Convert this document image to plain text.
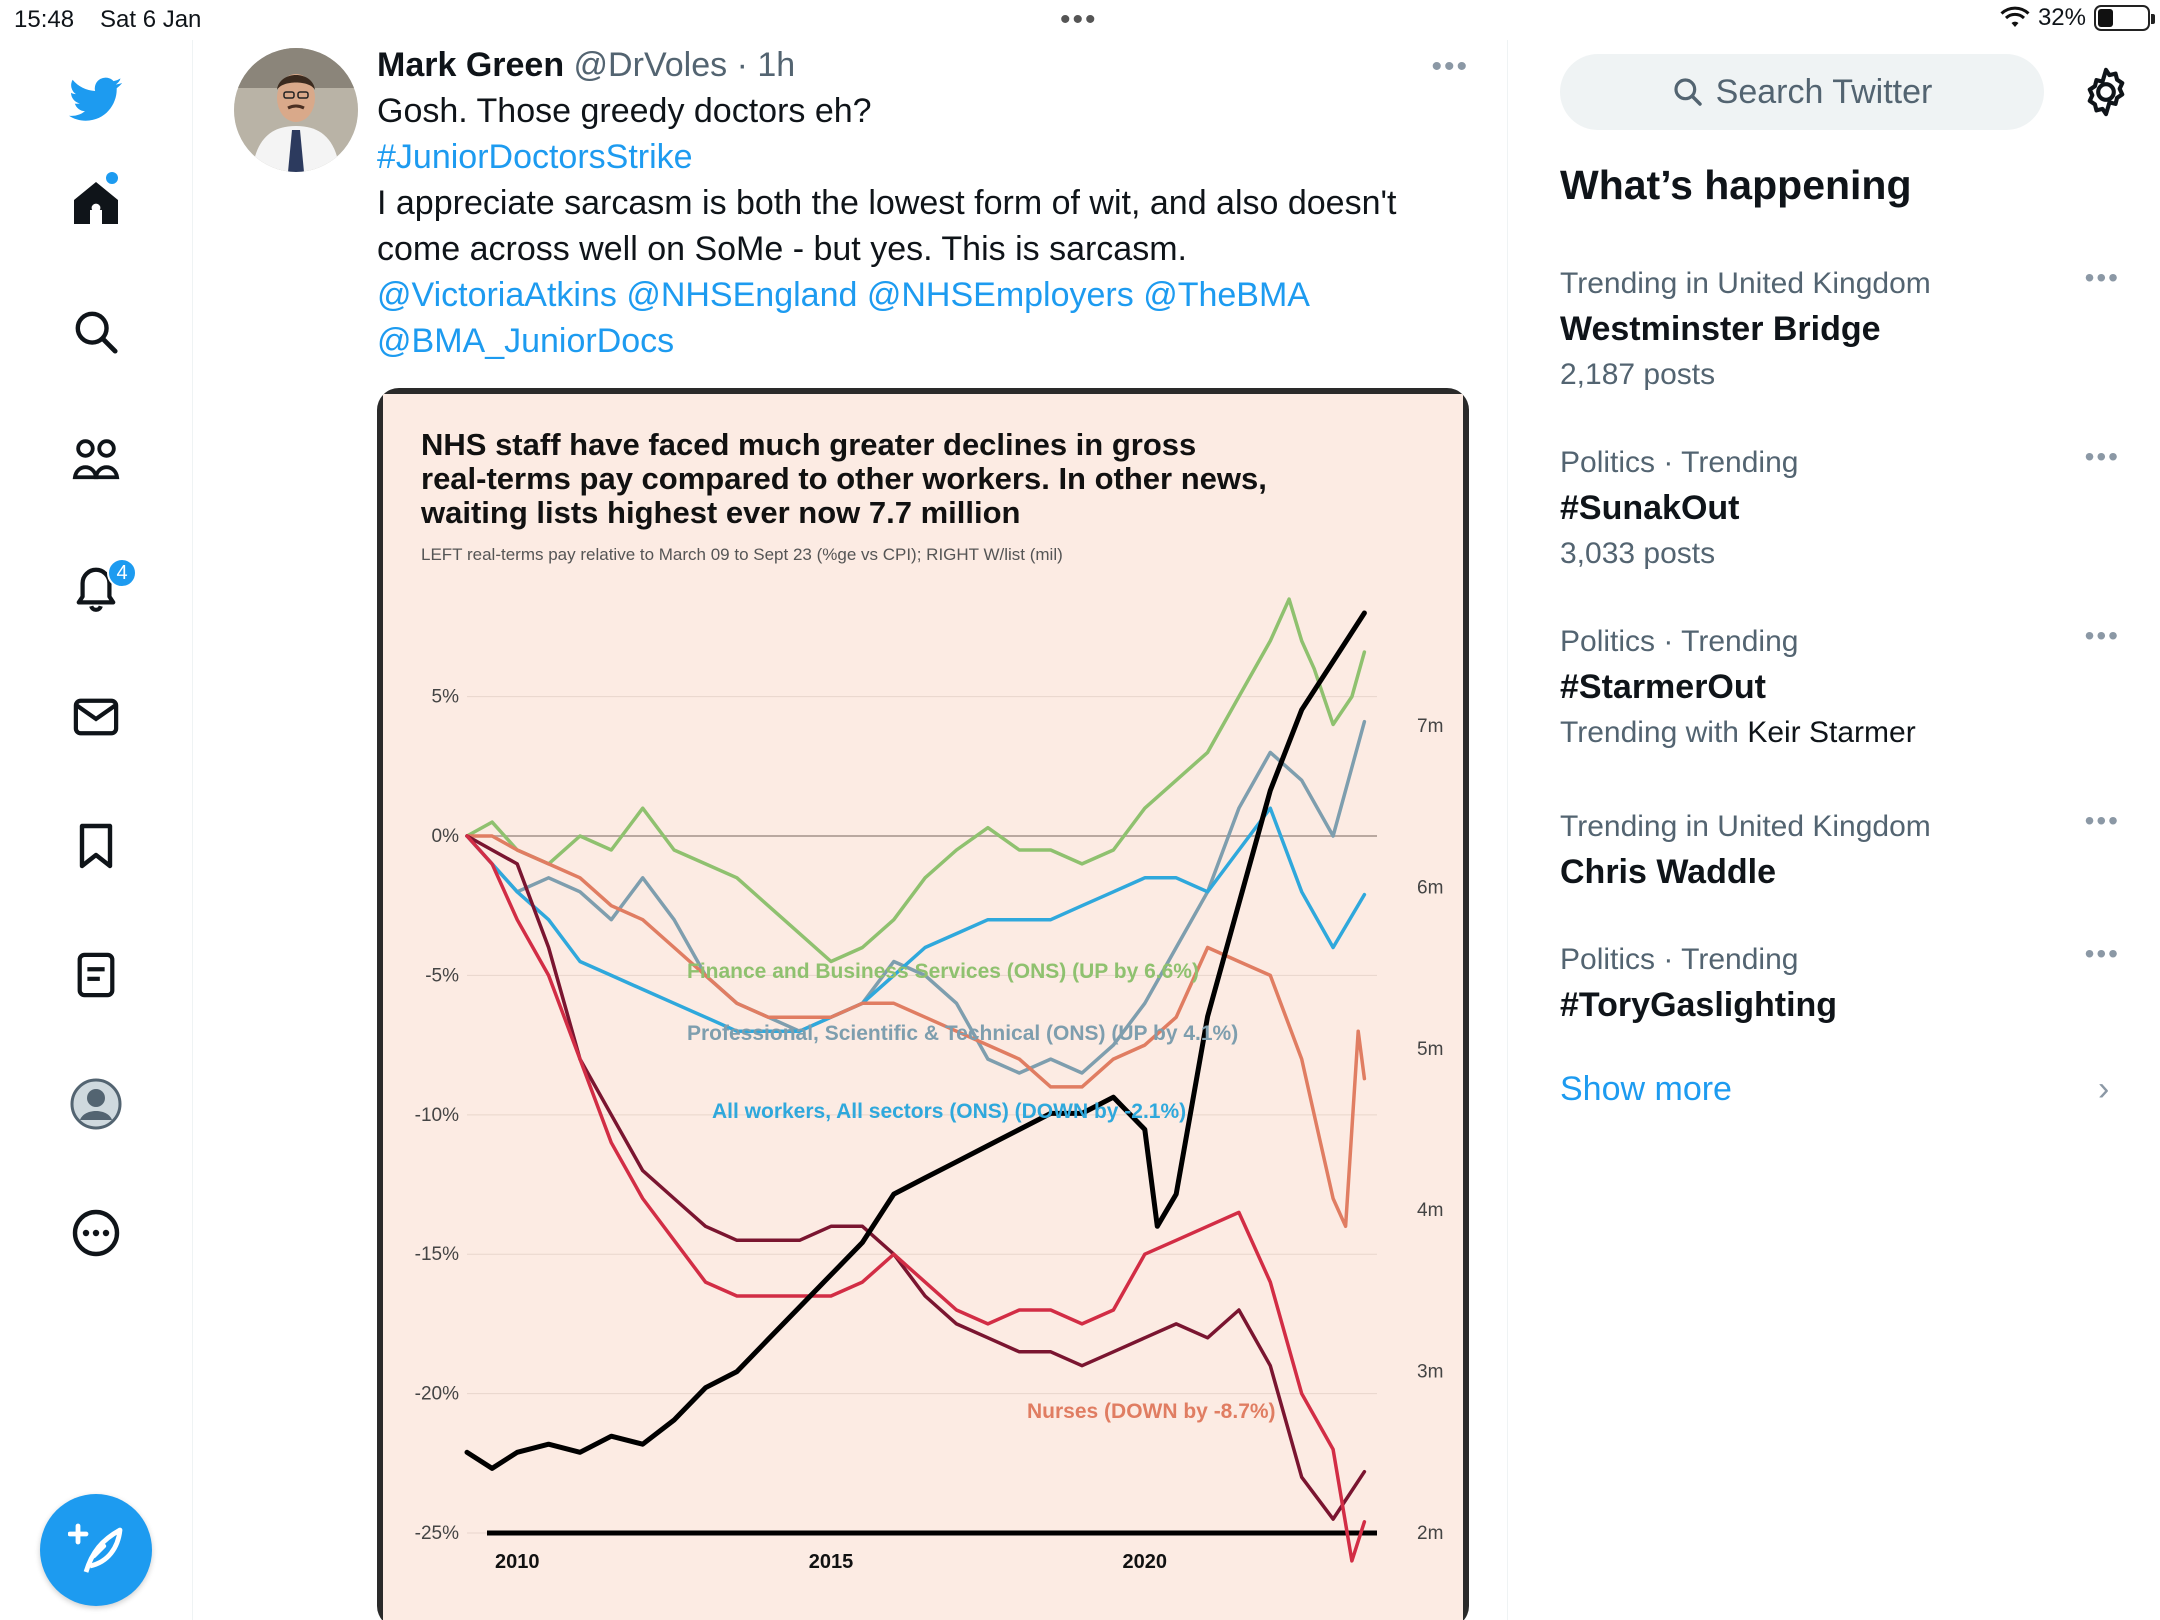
15:48 Sat 6 Jan	•••	32%
4
Mark Green @DrVoles · 1h	•••
Gosh. Those greedy doctors eh?
#JuniorDoctorsStrike
I appreciate sarcasm is both the lowest form of wit, and also doesn't
come across well on SoMe - but yes. This is sarcasm.
@VictoriaAtkins @NHSEngland @NHSEmployers @TheBMA
@BMA_JuniorDocs
NHS staff have faced much greater declines in gross
real-terms pay compared to other workers. In other news,
waiting lists highest ever now 7.7 million
LEFT real-terms pay relative to March 09 to Sept 23 (%ge vs CPI); RIGHT W/list (mil)
5%
0%
-5%
-10%
-15%
-20%
-25%
7m
6m
5m
4m
3m
2m
2010	2015	2020
Finance and Business Services (ONS) (UP by 6.6%)
Professional, Scientific & Technical (ONS) (UP by 4.1%)
All workers, All sectors (ONS) (DOWN by -2.1%)
Nurses (DOWN by -8.7%)
Search Twitter
What’s happening
Trending in United Kingdom
Westminster Bridge
2,187 posts
•••
Politics · Trending
#SunakOut
3,033 posts
•••
Politics · Trending
#StarmerOut
Trending with Keir Starmer
•••
Trending in United Kingdom
Chris Waddle
•••
Politics · Trending
#ToryGaslighting
•••
Show more	›
